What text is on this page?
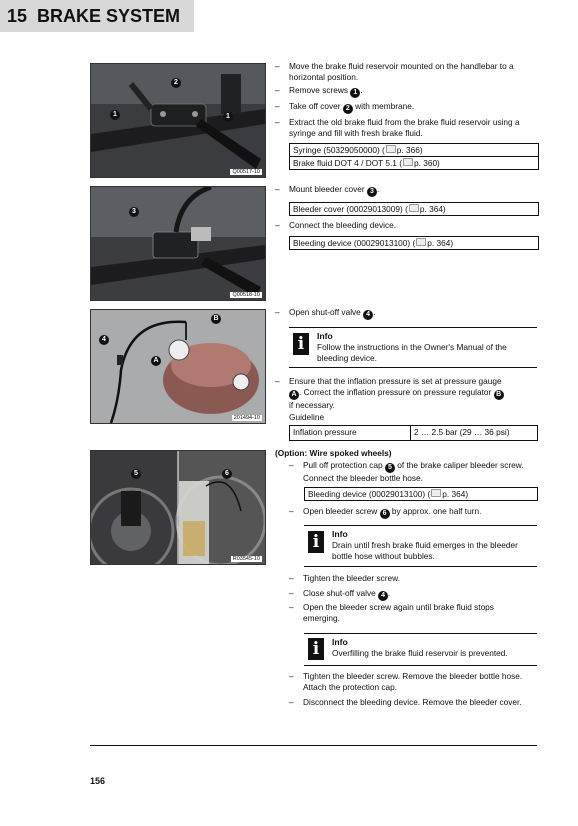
15 BRAKE SYSTEM
2
1	1
Q00517-10
3
Q00518-10
B
4
A
201494-10
5	6
R03545-10
– Move the brake fluid reservoir mounted on the handlebar to a horizontal position.
– Remove screws 1 .
– Take off cover 2 with membrane.
– Extract the old brake fluid from the brake fluid reservoir using a syringe and fill with fresh brake fluid.
Syringe (50329050000) ( p. 366)
Brake fluid DOT 4 / DOT 5.1 ( p. 360)
– Mount bleeder cover 3 .
Bleeder cover (00029013009) ( p. 364)
– Connect the bleeding device.
Bleeding device (00029013100) ( p. 364)
– Open shut-off valve 4 .
i	Info
Follow the instructions in the Owner's Manual of the bleeding device.
– Ensure that the inflation pressure is set at pressure gauge A . Correct the inflation pressure on pressure regulator B if necessary.
Guideline
Inflation pressure	2 … 2.5 bar (29 … 36 psi)
(Option: Wire spoked wheels)
– Pull off protection cap 5 of the brake caliper bleeder screw. Connect the bleeder bottle hose.
Bleeding device (00029013100) ( p. 364)
– Open bleeder screw 6 by approx. one half turn.
i	Info
Drain until fresh brake fluid emerges in the bleeder bottle hose without bubbles.
– Tighten the bleeder screw.
– Close shut-off valve 4 .
– Open the bleeder screw again until brake fluid stops emerging.
i	Info
Overfilling the brake fluid reservoir is prevented.
– Tighten the bleeder screw. Remove the bleeder bottle hose. Attach the protection cap.
– Disconnect the bleeding device. Remove the bleeder cover.
156
